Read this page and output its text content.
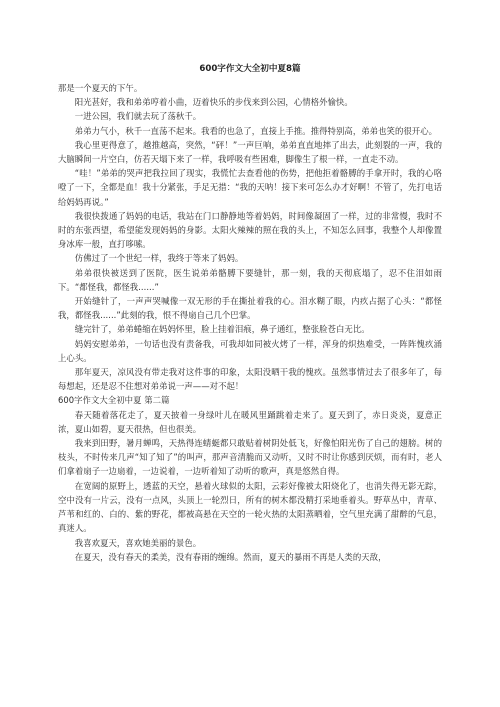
600字作文大全初中夏8篇

那是一个夏天的下午。

阳光甚好，我和弟弟哼着小曲，迈着快乐的步伐来到公园，心情格外愉快。

一进公园，我们就去玩了荡秋千。

弟弟力气小，秋千一直荡不起来。我看的也急了，直接上手推。推得特别高，弟弟也笑的很开心。

我心里更得意了，越推越高，突然，“砰！”一声巨响，弟弟直直地摔了出去，此刻裂的一声，我的大脑瞬间一片空白，仿若天塌下来了一样，我呼吸有些困难，脚像生了根一样，一直走不动。

“哇！”弟弟的哭声把我拉回了现实，我慌忙去查看他的伤势，把他拒着骼膊的手拿开时，我的心咯噔了一下，全都是血！我十分紧张，手足无措：“我的天呐！接下来可怎么办才好啊！不管了，先打电话给妈妈再说。”

我很快拨通了妈妈的电话，我站在门口静静地等着妈妈，时间像凝固了一样，过的非常慢，我时不时的东张西望，希望能发现妈妈的身影。太阳火辣辣的照在我的头上，不知怎么回事，我整个人却像置身冰库一般，直打哆嗦。

仿佛过了一个世纪一样，我终于等来了妈妈。

弟弟很快被送到了医院，医生说弟弟骼膊下要缝针，那一刻，我的天彻底塌了，忍不住泪如雨下。“都怪我，都怪我......”

开始缝针了，一声声哭喊像一双无形的手在撕扯着我的心。泪水糊了眼，内疚占据了心头：“都怪我，都怪我......”此刻的我，恨不得扇自己几个巴掌。

缝完针了，弟弟蜷缩在妈妈怀里，脸上挂着泪痕，鼻子通红，整张脸苍白无比。

妈妈安慰弟弟，一句话也没有责备我，可我却如同被火烤了一样，浑身的炽热难受，一阵阵愧疚涌上心头。

那年夏天，凉风没有带走我对这件事的印象，太阳没晒干我的愧疚。虽然事情过去了很多年了，每每想起，还是忍不住想对弟弟说一声——对不起！

600字作文大全初中夏 第二篇

春天随着落花走了，夏天披着一身绿叶儿在暖风里踊跳着走来了。夏天到了，赤日炎炎，夏意正浓，夏山如碧，夏天很热，但也很美。

我来到田野，暑月蝉鸣，天热得连蜻蜓都只敢贴着树阴处低飞，好像怕阳光伤了自己的翅膀。树的枝头，不时传来几声“知了知了”的叫声，那声音清脆而又动听，又时不时让你感到厌烦，而有时，老人们拿着扇子一边扇着，一边说着，一边听着知了动听的歌声，真是悠然自得。

在宽阔的原野上，透蓝的天空，悬着火球似的太阳，云彩好像被太阳烧化了，也消失得无影无踪，空中没有一片云，没有一点风，头顶上一轮烈日，所有的树木都没精打采地垂着头。野草丛中，青草、芦苇和红的、白的、紫的野花，都被高悬在天空的一轮火热的太阳蒸晒着，空气里充满了甜醉的气息，真迷人。

我喜欢夏天，喜欢她美丽的景色。

在夏天，没有春天的柔美，没有春雨的缠绵。然而，夏天的暴雨不再是人类的天敌，
